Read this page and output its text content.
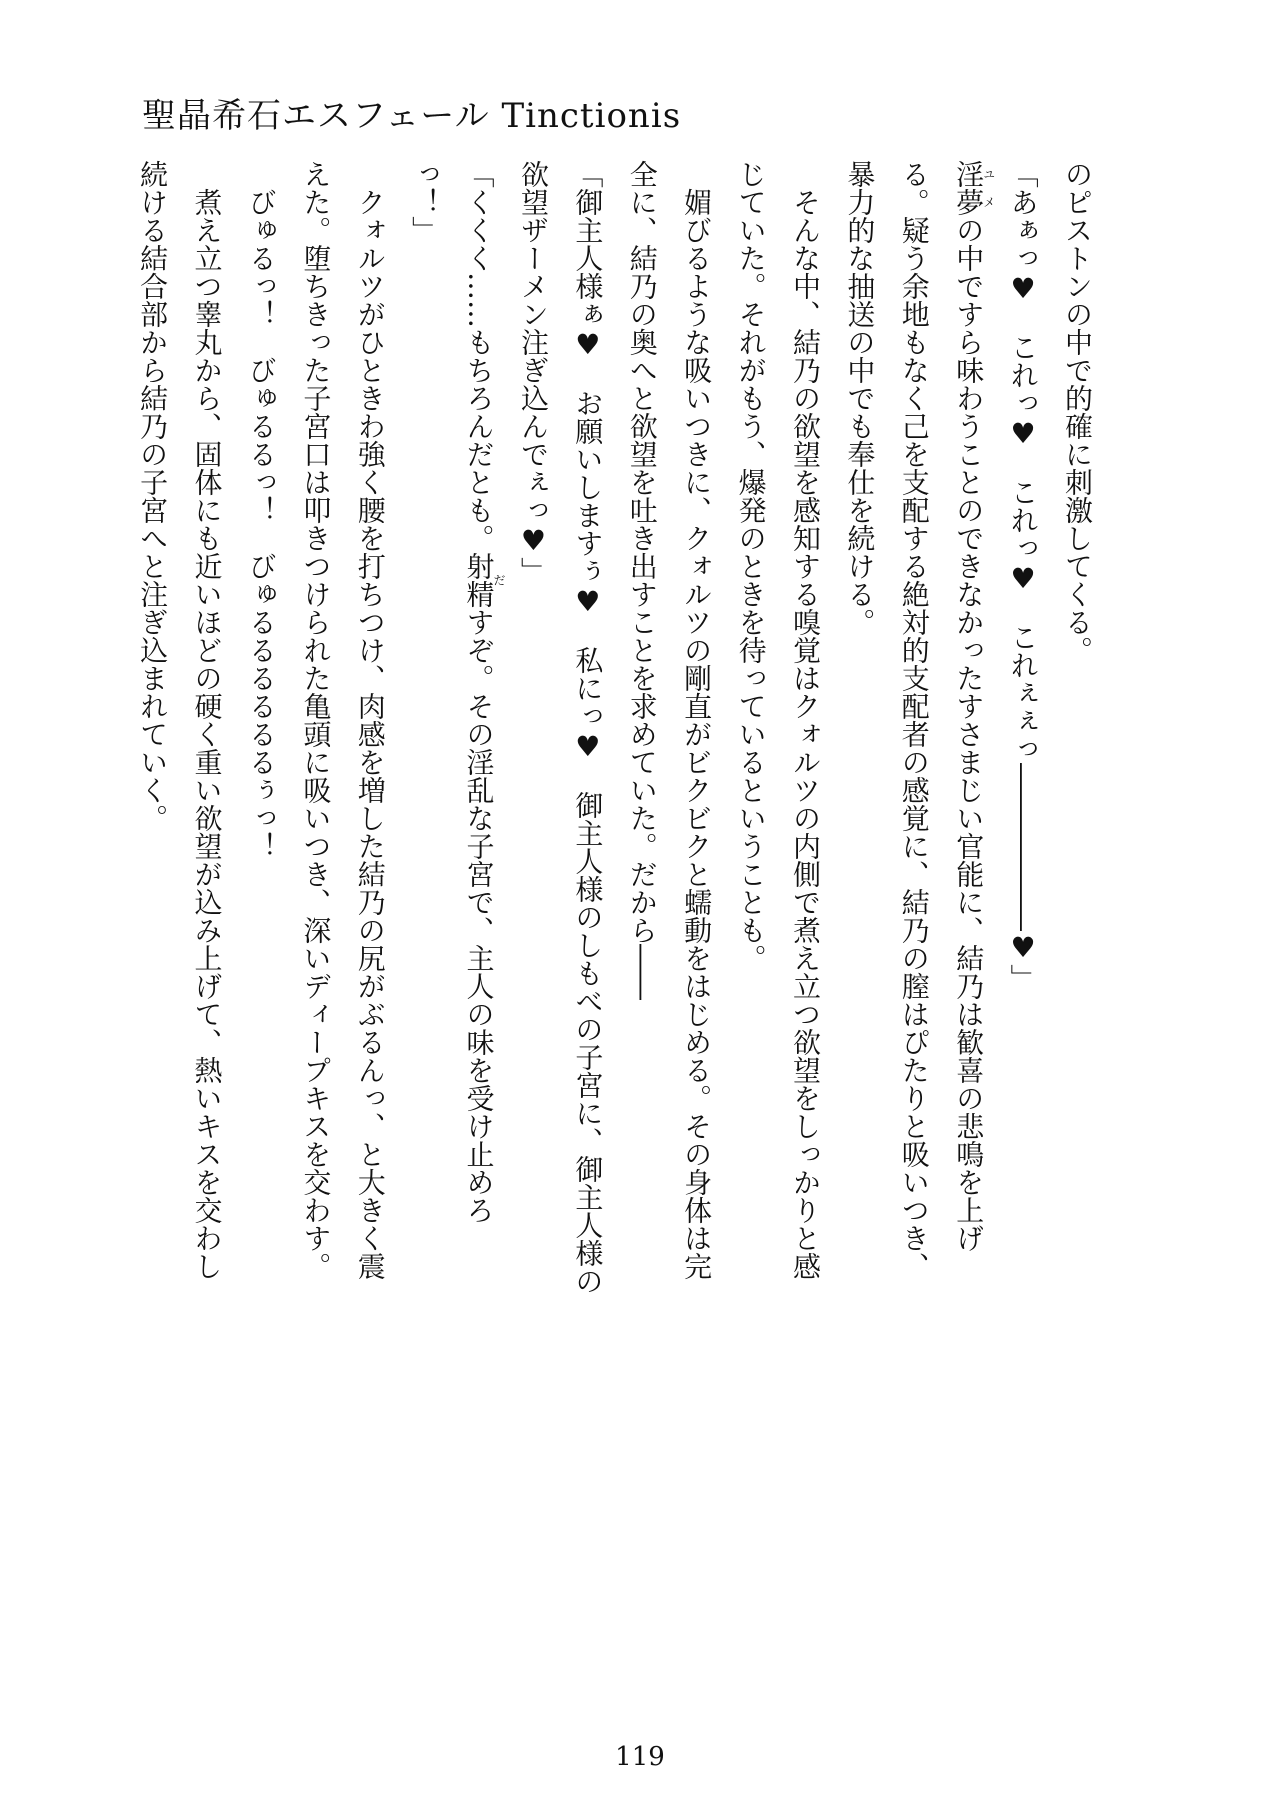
聖晶希石エスフェール Tinctionis
のピストンの中で的確に刺激してくる。
「あぁっ♥　これっ♥　これっ♥　これぇぇっ――――――♥」
淫夢ユメの中ですら味わうことのできなかったすさまじい官能に、結乃は歓喜の悲鳴を上げ
る。疑う余地もなく己を支配する絶対的支配者の感覚に、結乃の膣はぴたりと吸いつき、
暴力的な抽送の中でも奉仕を続ける。
　そんな中、結乃の欲望を感知する嗅覚はクォルツの内側で煮え立つ欲望をしっかりと感
じていた。それがもう、爆発のときを待っているということも。
　媚びるような吸いつきに、クォルツの剛直がビクビクと蠕動をはじめる。その身体は完
全に、結乃の奥へと欲望を吐き出すことを求めていた。だから――
「御主人様ぁ♥　お願いしますぅ♥　私にっ♥　御主人様のしもべの子宮に、御主人様の
欲望ザーメン注ぎ込んでぇっ♥」
「くくく……もちろんだとも。射精だすぞ。その淫乱な子宮で、主人の味を受け止めろ
っ！」
　クォルツがひときわ強く腰を打ちつけ、肉感を増した結乃の尻がぶるんっ、と大きく震
えた。堕ちきった子宮口は叩きつけられた亀頭に吸いつき、深いディープキスを交わす。
　びゅるっ！　びゅるるっ！　びゅるるるるるるぅっ！
　煮え立つ睾丸から、固体にも近いほどの硬く重い欲望が込み上げて、熱いキスを交わし
続ける結合部から結乃の子宮へと注ぎ込まれていく。
119
